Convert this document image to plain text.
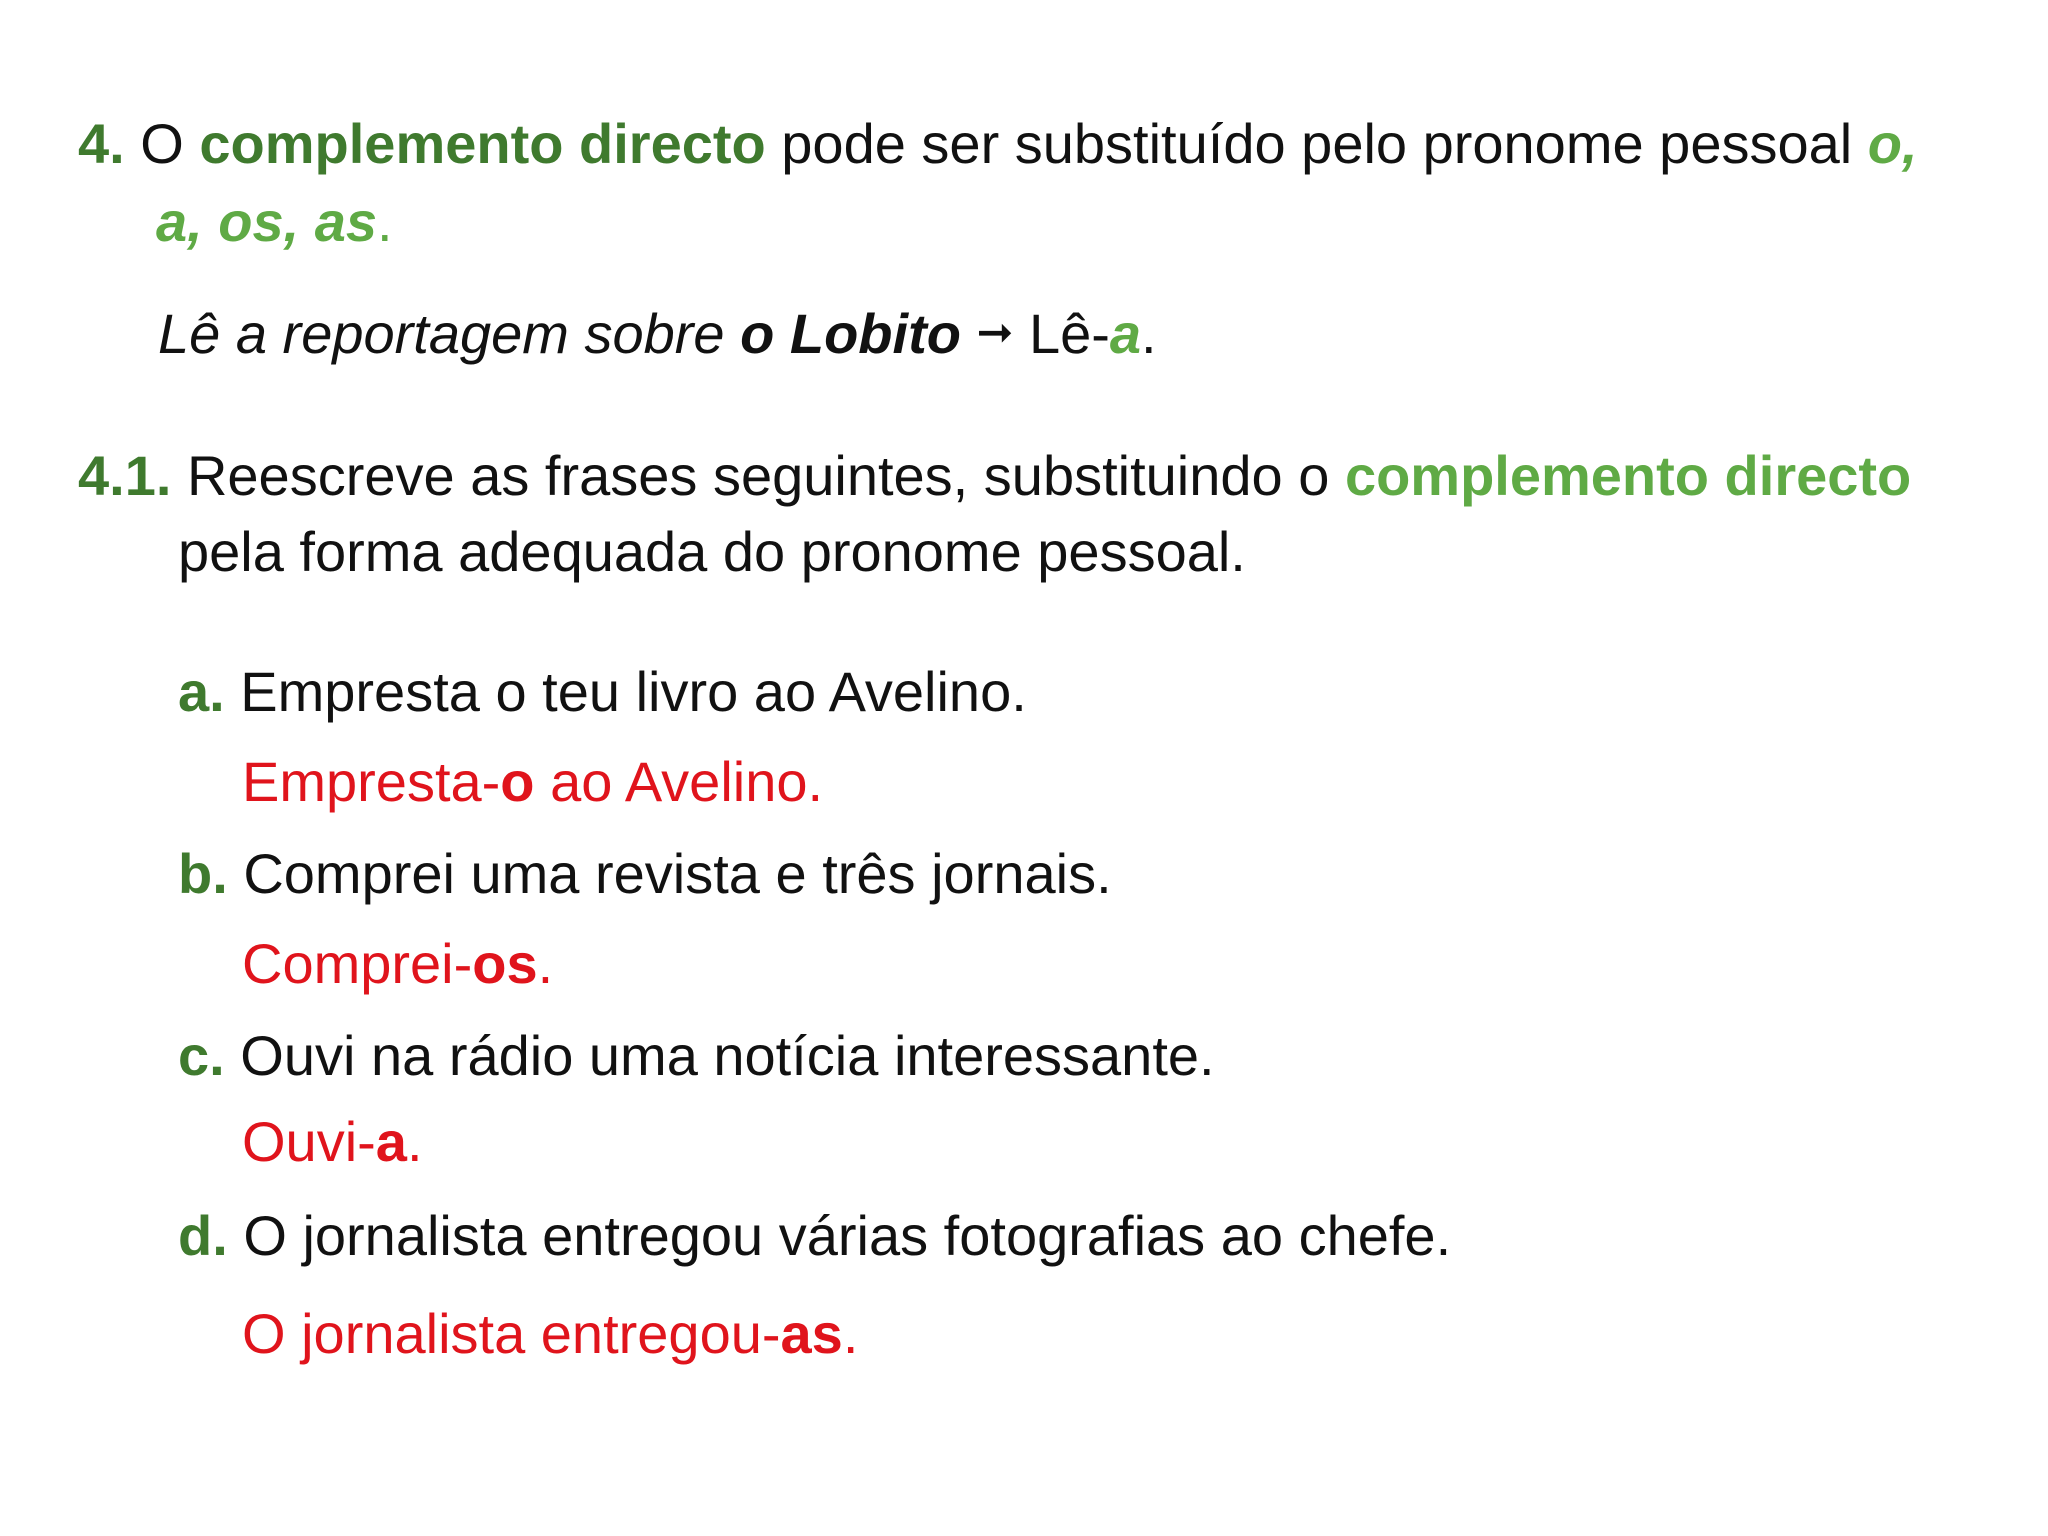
4. O complemento directo pode ser substituído pelo pronome pessoal o,
a, os, as.
Lê a reportagem sobre o Lobito ➞ Lê-a.
4.1. Reescreve as frases seguintes, substituindo o complemento directo
pela forma adequada do pronome pessoal.
a. Empresta o teu livro ao Avelino.
Empresta-o ao Avelino.
b. Comprei uma revista e três jornais.
Comprei-os.
c. Ouvi na rádio uma notícia interessante.
Ouvi-a.
d. O jornalista entregou várias fotografias ao chefe.
O jornalista entregou-as.
